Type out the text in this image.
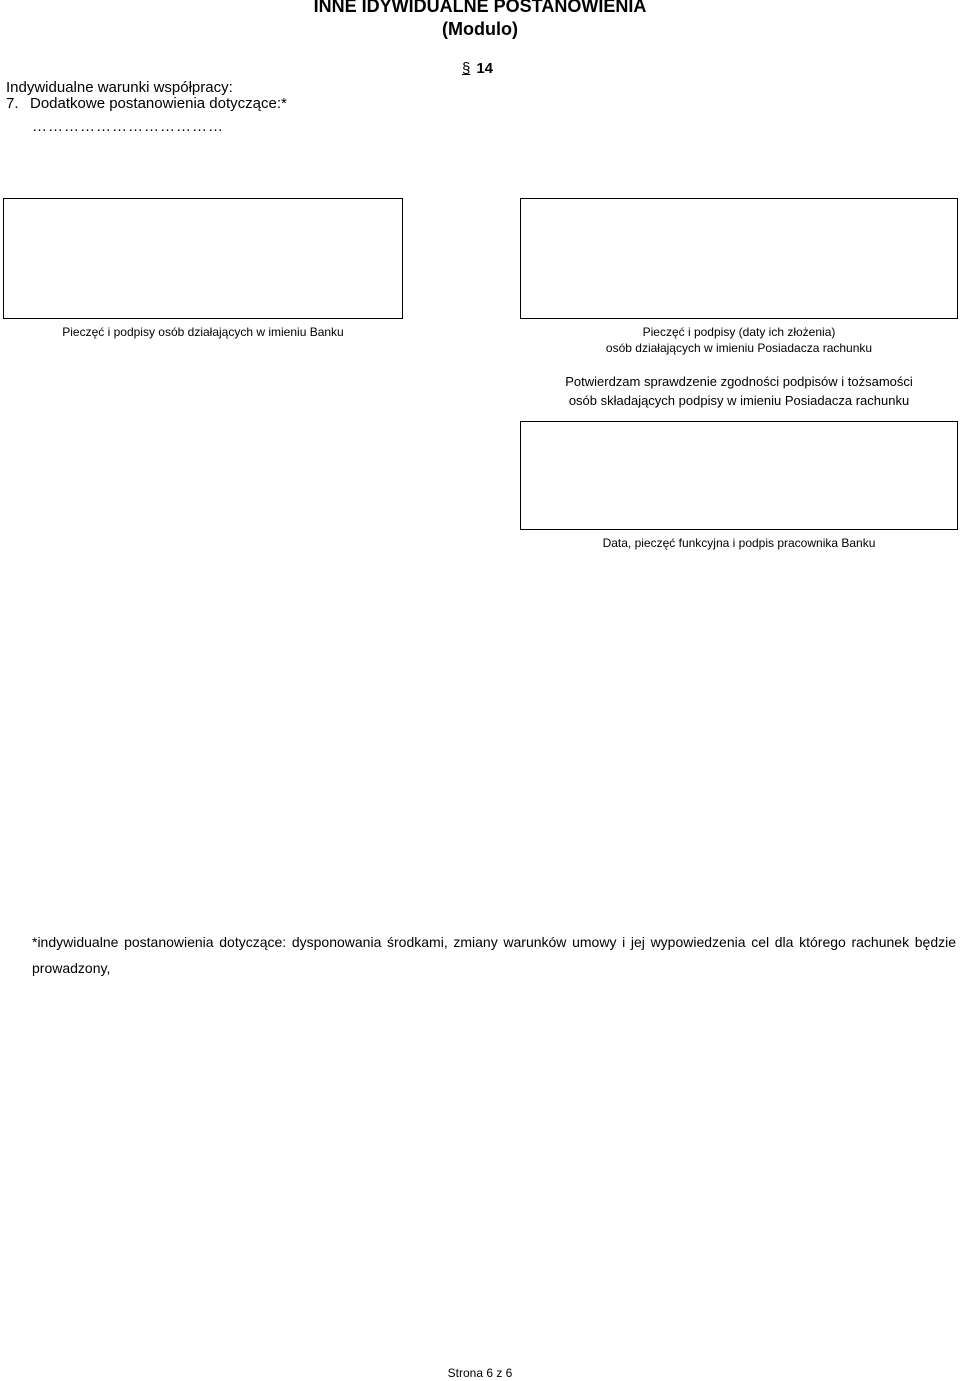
INNE IDYWIDUALNE POSTANOWIENIA
(Modulo)
§ 14
Indywidualne warunki współpracy:
7. Dodatkowe postanowienia dotyczące:*
………………………………
Pieczęć i podpisy osób działających w imieniu Banku	Pieczęć i podpisy (daty ich złożenia)
osób działających w imieniu Posiadacza rachunku
Potwierdzam sprawdzenie zgodności podpisów i tożsamości
osób składających podpisy w imieniu Posiadacza rachunku
Data, pieczęć funkcyjna i podpis pracownika Banku
*indywidualne postanowienia dotyczące: dysponowania środkami, zmiany warunków umowy i jej wypowiedzenia cel dla którego rachunek będzie prowadzony,
Strona 6 z 6
